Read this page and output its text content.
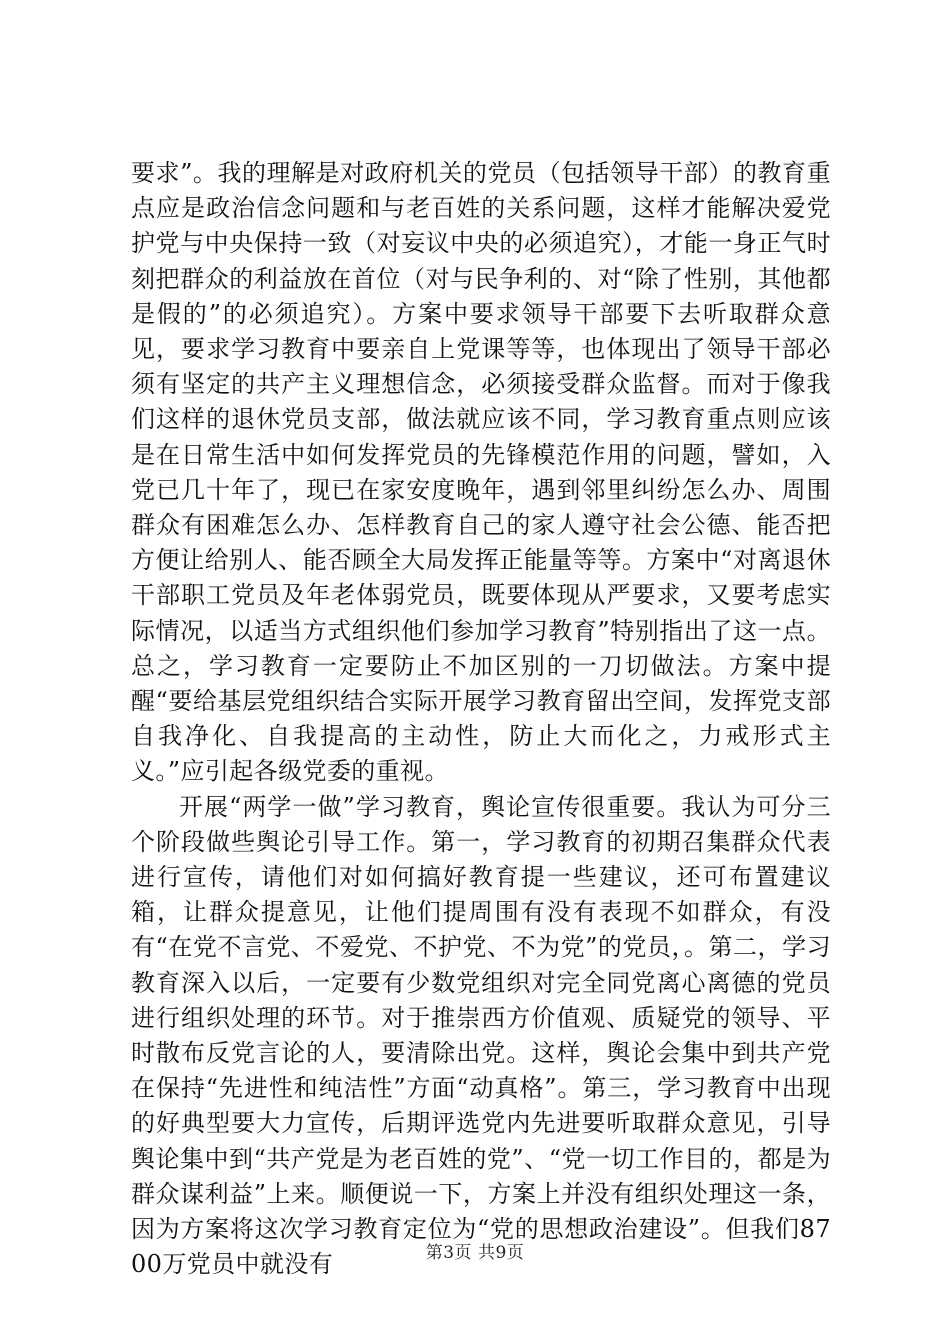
要求”。我的理解是对政府机关的党员（包括领导干部）的教育重点应是政治信念问题和与老百姓的关系问题，这样才能解决爱党护党与中央保持一致（对妄议中央的必须追究），才能一身正气时刻把群众的利益放在首位（对与民争利的、对“除了性别，其他都是假的”的必须追究）。方案中要求领导干部要下去听取群众意见，要求学习教育中要亲自上党课等等，也体现出了领导干部必须有坚定的共产主义理想信念，必须接受群众监督。而对于像我们这样的退休党员支部，做法就应该不同，学习教育重点则应该是在日常生活中如何发挥党员的先锋模范作用的问题，譬如，入党已几十年了，现已在家安度晚年，遇到邻里纠纷怎么办、周围群众有困难怎么办、怎样教育自己的家人遵守社会公德、能否把方便让给别人、能否顾全大局发挥正能量等等。方案中“对离退休干部职工党员及年老体弱党员，既要体现从严要求，又要考虑实际情况，以适当方式组织他们参加学习教育”特别指出了这一点。总之，学习教育一定要防止不加区别的一刀切做法。方案中提醒“要给基层党组织结合实际开展学习教育留出空间，发挥党支部自我净化、自我提高的主动性，防止大而化之，力戒形式主义。”应引起各级党委的重视。

开展“两学一做”学习教育，舆论宣传很重要。我认为可分三个阶段做些舆论引导工作。第一，学习教育的初期召集群众代表进行宣传，请他们对如何搞好教育提一些建议，还可布置建议箱，让群众提意见，让他们提周围有没有表现不如群众，有没有“在党不言党、不爱党、不护党、不为党”的党员，。第二，学习教育深入以后，一定要有少数党组织对完全同党离心离德的党员进行组织处理的环节。对于推崇西方价值观、质疑党的领导、平时散布反党言论的人，要清除出党。这样，舆论会集中到共产党在保持“先进性和纯洁性”方面“动真格”。第三，学习教育中出现的好典型要大力宣传，后期评选党内先进要听取群众意见，引导舆论集中到“共产党是为老百姓的党”、“党一切工作目的，都是为群众谋利益”上来。顺便说一下，方案上并没有组织处理这一条，因为方案将这次学习教育定位为“党的思想政治建设”。但我们8700万党员中就没有	第3页 共9页
